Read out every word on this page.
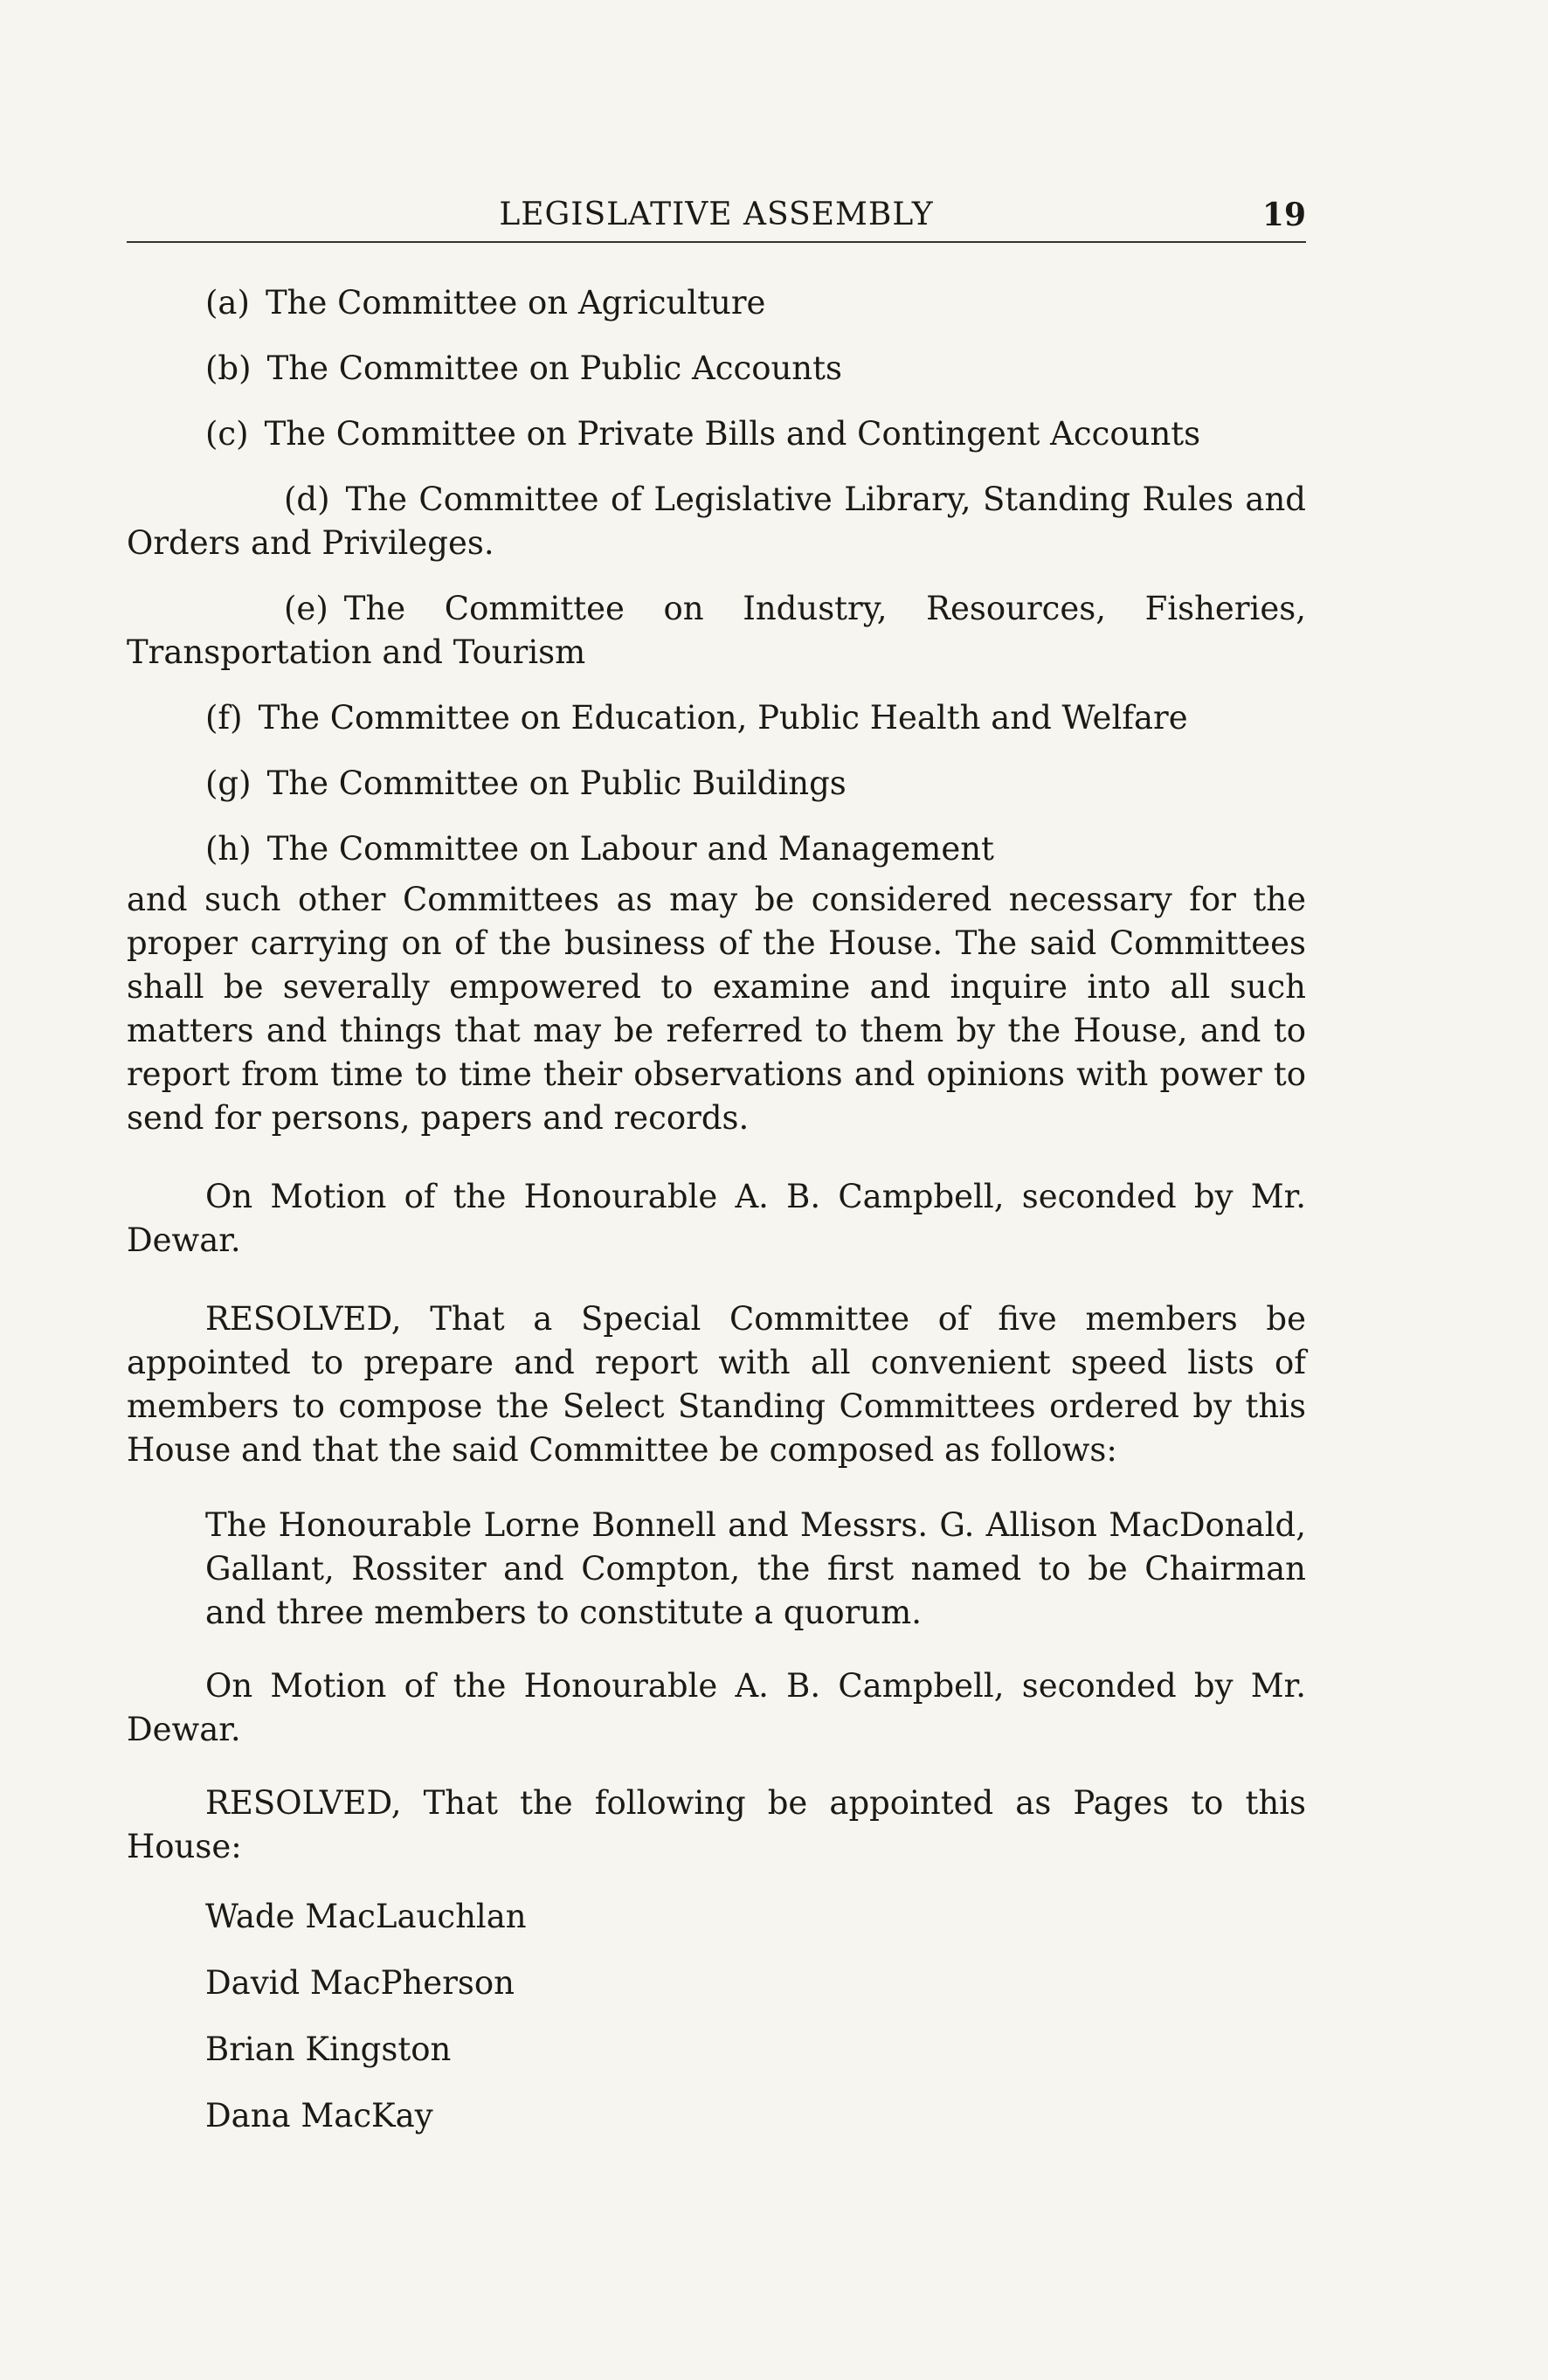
LEGISLATIVE ASSEMBLY	19
(a) The Committee on Agriculture
(b) The Committee on Public Accounts
(c) The Committee on Private Bills and Contingent Accounts
(d) The Committee of Legislative Library, Standing Rules and Orders and Privileges.
(e) The Committee on Industry, Resources, Fisheries, Transportation and Tourism
(f) The Committee on Education, Public Health and Welfare
(g) The Committee on Public Buildings
(h) The Committee on Labour and Management

and such other Committees as may be considered necessary for the proper carrying on of the business of the House. The said Committees shall be severally empowered to examine and inquire into all such matters and things that may be referred to them by the House, and to report from time to time their observations and opinions with power to send for persons, papers and records.

On Motion of the Honourable A. B. Campbell, seconded by Mr. Dewar.

RESOLVED, That a Special Committee of five members be appointed to prepare and report with all convenient speed lists of members to compose the Select Standing Committees ordered by this House and that the said Committee be composed as follows:

The Honourable Lorne Bonnell and Messrs. G. Allison MacDonald, Gallant, Rossiter and Compton, the first named to be Chairman and three members to constitute a quorum.

On Motion of the Honourable A. B. Campbell, seconded by Mr. Dewar.

RESOLVED, That the following be appointed as Pages to this House:

Wade MacLauchlan
David MacPherson
Brian Kingston
Dana MacKay
